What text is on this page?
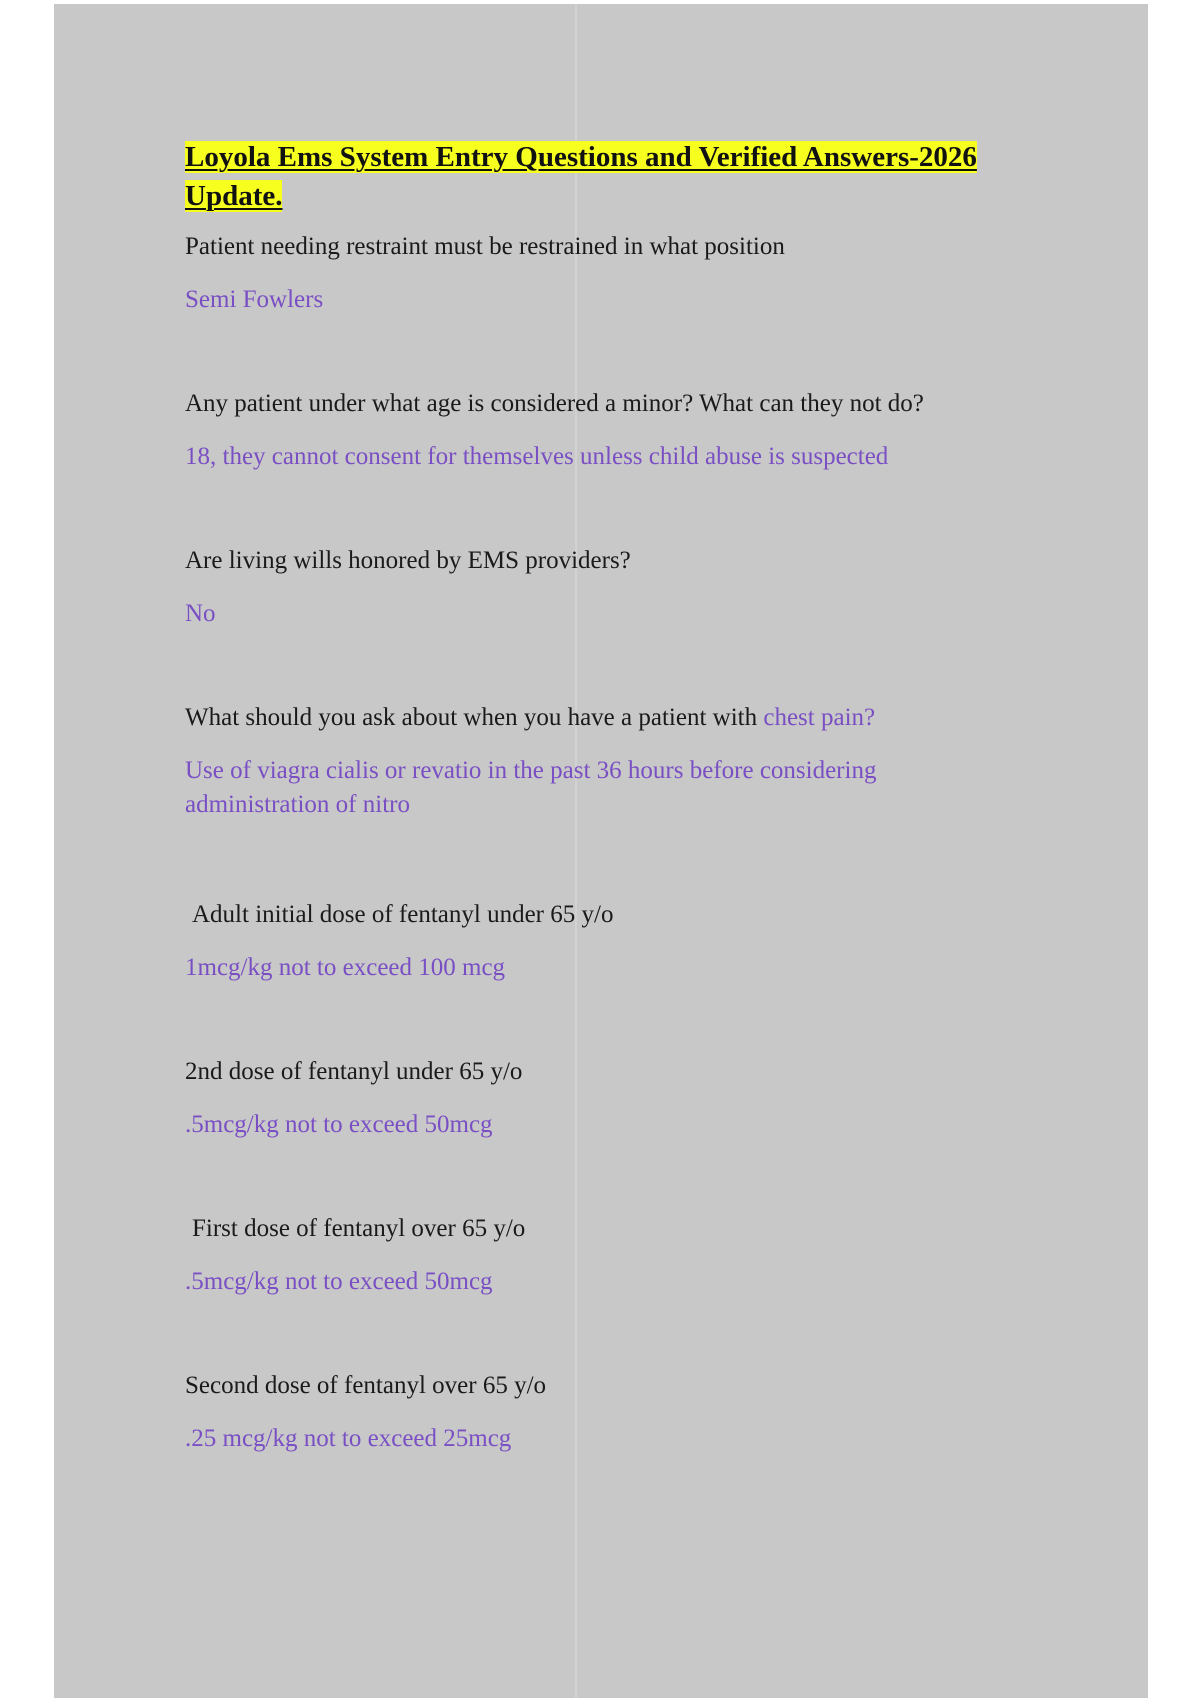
Loyola Ems System Entry Questions and Verified Answers-2026 Update.

Patient needing restraint must be restrained in what position

Semi Fowlers

Any patient under what age is considered a minor? What can they not do?

18, they cannot consent for themselves unless child abuse is suspected

Are living wills honored by EMS providers?

No

What should you ask about when you have a patient with chest pain?

Use of viagra cialis or revatio in the past 36 hours before considering administration of nitro

Adult initial dose of fentanyl under 65 y/o

1mcg/kg not to exceed 100 mcg

2nd dose of fentanyl under 65 y/o

.5mcg/kg not to exceed 50mcg

First dose of fentanyl over 65 y/o

.5mcg/kg not to exceed 50mcg

Second dose of fentanyl over 65 y/o

.25 mcg/kg not to exceed 25mcg
